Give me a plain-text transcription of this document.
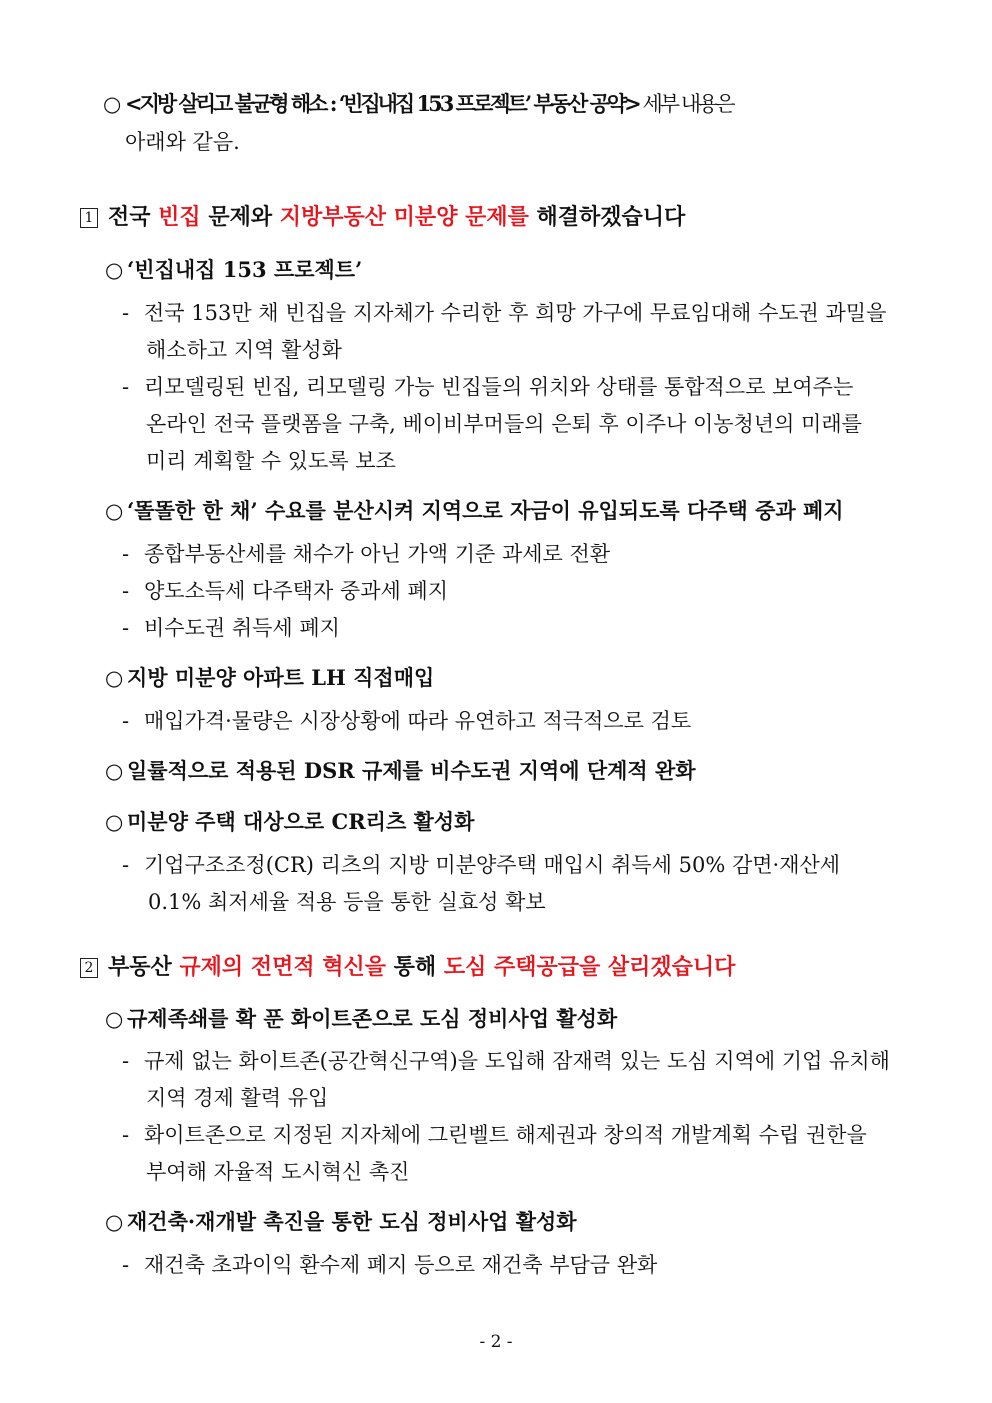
○ <지방 살리고 불균형 해소 : ‘빈집내집 153 프로젝트’ 부동산 공약> 세부 내용은
아래와 같음.
1 전국 빈집 문제와 지방부동산 미분양 문제를 해결하겠습니다
○ ‘빈집내집 153 프로젝트’
- 전국 153만 채 빈집을 지자체가 수리한 후 희망 가구에 무료임대해 수도권 과밀을
해소하고 지역 활성화
- 리모델링된 빈집, 리모델링 가능 빈집들의 위치와 상태를 통합적으로 보여주는
온라인 전국 플랫폼을 구축, 베이비부머들의 은퇴 후 이주나 이농청년의 미래를
미리 계획할 수 있도록 보조
○ ‘똘똘한 한 채’ 수요를 분산시켜 지역으로 자금이 유입되도록 다주택 중과 폐지
- 종합부동산세를 채수가 아닌 가액 기준 과세로 전환
- 양도소득세 다주택자 중과세 폐지
- 비수도권 취득세 폐지
○ 지방 미분양 아파트 LH 직접매입
- 매입가격·물량은 시장상황에 따라 유연하고 적극적으로 검토
○ 일률적으로 적용된 DSR 규제를 비수도권 지역에 단계적 완화
○ 미분양 주택 대상으로 CR리츠 활성화
- 기업구조조정(CR) 리츠의 지방 미분양주택 매입시 취득세 50% 감면·재산세
0.1% 최저세율 적용 등을 통한 실효성 확보
2 부동산 규제의 전면적 혁신을 통해 도심 주택공급을 살리겠습니다
○ 규제족쇄를 확 푼 화이트존으로 도심 정비사업 활성화
- 규제 없는 화이트존(공간혁신구역)을 도입해 잠재력 있는 도심 지역에 기업 유치해
지역 경제 활력 유입
- 화이트존으로 지정된 지자체에 그린벨트 해제권과 창의적 개발계획 수립 권한을
부여해 자율적 도시혁신 촉진
○ 재건축·재개발 촉진을 통한 도심 정비사업 활성화
- 재건축 초과이익 환수제 폐지 등으로 재건축 부담금 완화
- 2 -
